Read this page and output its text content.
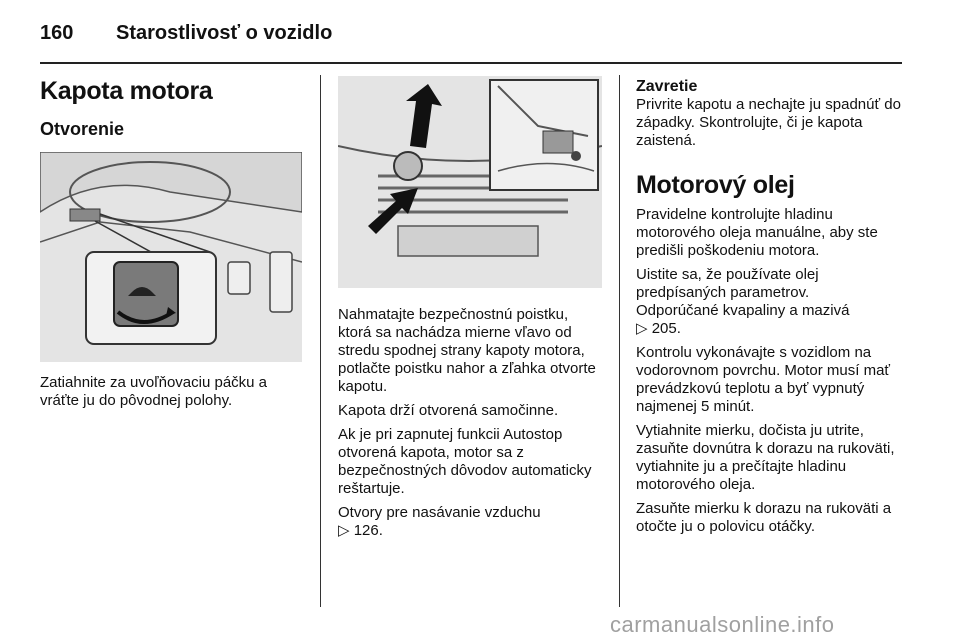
160 Starostlivosť o vozidlo
Kapota motora
Otvorenie

Zatiahnite za uvoľňovaciu páčku a vráťte ju do pôvodnej polohy.

Nahmatajte bezpečnostnú poistku, ktorá sa nachádza mierne vľavo od stredu spodnej strany kapoty motora, potlačte poistku nahor a zľahka otvorte kapotu.

Kapota drží otvorená samočinne.

Ak je pri zapnutej funkcii Autostop otvorená kapota, motor sa z bezpečnostných dôvodov automaticky reštartuje.

Otvory pre nasávanie vzduchu
▷ 126.

Zavretie

Privrite kapotu a nechajte ju spadnúť do západky. Skontrolujte, či je kapota zaistená.

Motorový olej

Pravidelne kontrolujte hladinu motorového oleja manuálne, aby ste predišli poškodeniu motora.

Uistite sa, že používate olej predpísaných parametrov.
Odporúčané kvapaliny a mazivá
▷ 205.

Kontrolu vykonávajte s vozidlom na vodorovnom povrchu. Motor musí mať prevádzkovú teplotu a byť vypnutý najmenej 5 minút.

Vytiahnite mierku, dočista ju utrite, zasuňte dovnútra k dorazu na rukoväti, vytiahnite ju a prečítajte hladinu motorového oleja.

Zasuňte mierku k dorazu na rukoväti a otočte ju o polovicu otáčky.

carmanualsonline.info
